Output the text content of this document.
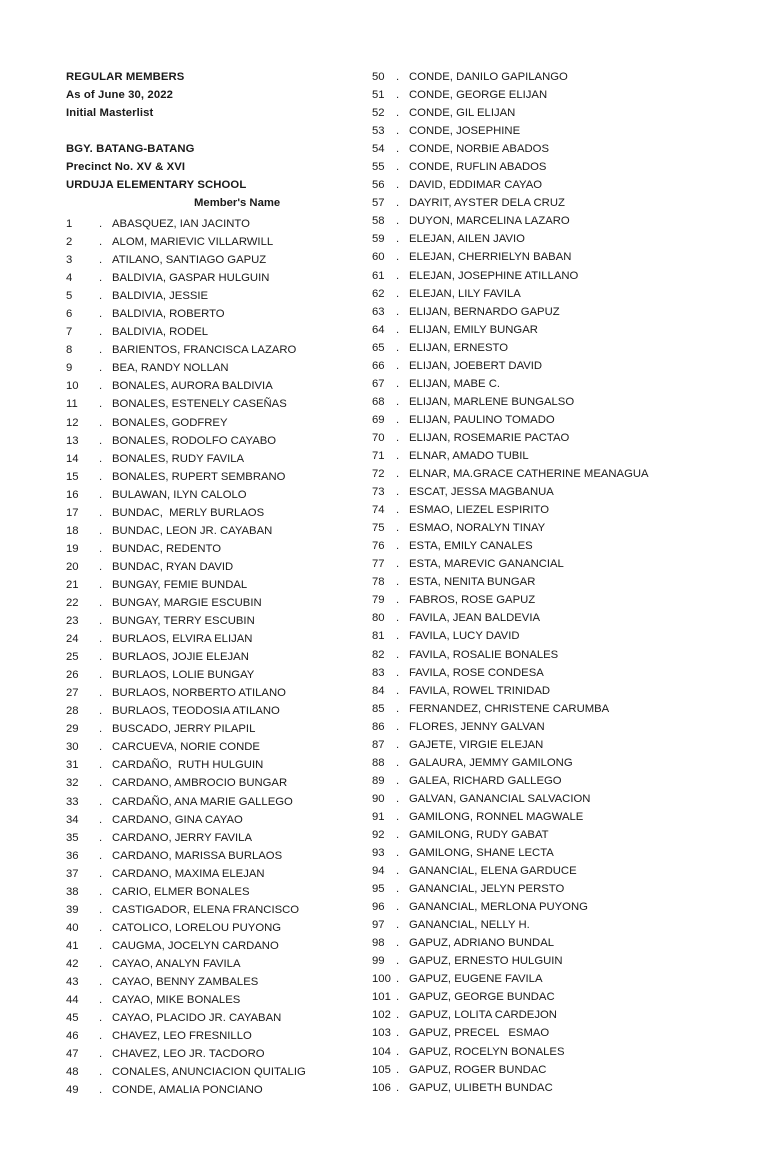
REGULAR MEMBERS
As of June 30, 2022
Initial Masterlist
BGY. BATANG-BATANG
Precinct No. XV & XVI
URDUJA ELEMENTARY SCHOOL
Member's Name
1 . ABASQUEZ, IAN JACINTO
2 . ALOM, MARIEVIC VILLARWILL
3 . ATILANO, SANTIAGO GAPUZ
4 . BALDIVIA, GASPAR HULGUIN
5 . BALDIVIA, JESSIE
6 . BALDIVIA, ROBERTO
7 . BALDIVIA, RODEL
8 . BARIENTOS, FRANCISCA LAZARO
9 . BEA, RANDY NOLLAN
10 . BONALES, AURORA BALDIVIA
11 . BONALES, ESTENELY CASEÑAS
12 . BONALES, GODFREY
13 . BONALES, RODOLFO CAYABO
14 . BONALES, RUDY FAVILA
15 . BONALES, RUPERT SEMBRANO
16 . BULAWAN, ILYN CALOLO
17 . BUNDAC,  MERLY BURLAOS
18 . BUNDAC, LEON JR. CAYABAN
19 . BUNDAC, REDENTO
20 . BUNDAC, RYAN DAVID
21 . BUNGAY, FEMIE BUNDAL
22 . BUNGAY, MARGIE ESCUBIN
23 . BUNGAY, TERRY ESCUBIN
24 . BURLAOS, ELVIRA ELIJAN
25 . BURLAOS, JOJIE ELEJAN
26 . BURLAOS, LOLIE BUNGAY
27 . BURLAOS, NORBERTO ATILANO
28 . BURLAOS, TEODOSIA ATILANO
29 . BUSCADO, JERRY PILAPIL
30 . CARCUEVA, NORIE CONDE
31 . CARDAÑO,  RUTH HULGUIN
32 . CARDANO, AMBROCIO BUNGAR
33 . CARDAÑO, ANA MARIE GALLEGO
34 . CARDANO, GINA CAYAO
35 . CARDANO, JERRY FAVILA
36 . CARDANO, MARISSA BURLAOS
37 . CARDANO, MAXIMA ELEJAN
38 . CARIO, ELMER BONALES
39 . CASTIGADOR, ELENA FRANCISCO
40 . CATOLICO, LORELOU PUYONG
41 . CAUGMA, JOCELYN CARDANO
42 . CAYAO, ANALYN FAVILA
43 . CAYAO, BENNY ZAMBALES
44 . CAYAO, MIKE BONALES
45 . CAYAO, PLACIDO JR. CAYABAN
46 . CHAVEZ, LEO FRESNILLO
47 . CHAVEZ, LEO JR. TACDORO
48 . CONALES, ANUNCIACION QUITALIG
49 . CONDE, AMALIA PONCIANO
50 . CONDE, DANILO GAPILANGO
51 . CONDE, GEORGE ELIJAN
52 . CONDE, GIL ELIJAN
53 . CONDE, JOSEPHINE
54 . CONDE, NORBIE ABADOS
55 . CONDE, RUFLIN ABADOS
56 . DAVID, EDDIMAR CAYAO
57 . DAYRIT, AYSTER DELA CRUZ
58 . DUYON, MARCELINA LAZARO
59 . ELEJAN, AILEN JAVIO
60 . ELEJAN, CHERRIELYN BABAN
61 . ELEJAN, JOSEPHINE ATILLANO
62 . ELEJAN, LILY FAVILA
63 . ELIJAN, BERNARDO GAPUZ
64 . ELIJAN, EMILY BUNGAR
65 . ELIJAN, ERNESTO
66 . ELIJAN, JOEBERT DAVID
67 . ELIJAN, MABE C.
68 . ELIJAN, MARLENE BUNGALSO
69 . ELIJAN, PAULINO TOMADO
70 . ELIJAN, ROSEMARIE PACTAO
71 . ELNAR, AMADO TUBIL
72 . ELNAR, MA.GRACE CATHERINE MEANAGUA
73 . ESCAT, JESSA MAGBANUA
74 . ESMAO, LIEZEL ESPIRITO
75 . ESMAO, NORALYN TINAY
76 . ESTA, EMILY CANALES
77 . ESTA, MAREVIC GANANCIAL
78 . ESTA, NENITA BUNGAR
79 . FABROS, ROSE GAPUZ
80 . FAVILA, JEAN BALDEVIA
81 . FAVILA, LUCY DAVID
82 . FAVILA, ROSALIE BONALES
83 . FAVILA, ROSE CONDESA
84 . FAVILA, ROWEL TRINIDAD
85 . FERNANDEZ, CHRISTENE CARUMBA
86 . FLORES, JENNY GALVAN
87 . GAJETE, VIRGIE ELEJAN
88 . GALAURA, JEMMY GAMILONG
89 . GALEA, RICHARD GALLEGO
90 . GALVAN, GANANCIAL SALVACION
91 . GAMILONG, RONNEL MAGWALE
92 . GAMILONG, RUDY GABAT
93 . GAMILONG, SHANE LECTA
94 . GANANCIAL, ELENA GARDUCE
95 . GANANCIAL, JELYN PERSTO
96 . GANANCIAL, MERLONA PUYONG
97 . GANANCIAL, NELLY H.
98 . GAPUZ, ADRIANO BUNDAL
99 . GAPUZ, ERNESTO HULGUIN
100 . GAPUZ, EUGENE FAVILA
101 . GAPUZ, GEORGE BUNDAC
102 . GAPUZ, LOLITA CARDEJON
103 . GAPUZ, PRECEL   ESMAO
104 . GAPUZ, ROCELYN BONALES
105 . GAPUZ, ROGER BUNDAC
106 . GAPUZ, ULIBETH BUNDAC
